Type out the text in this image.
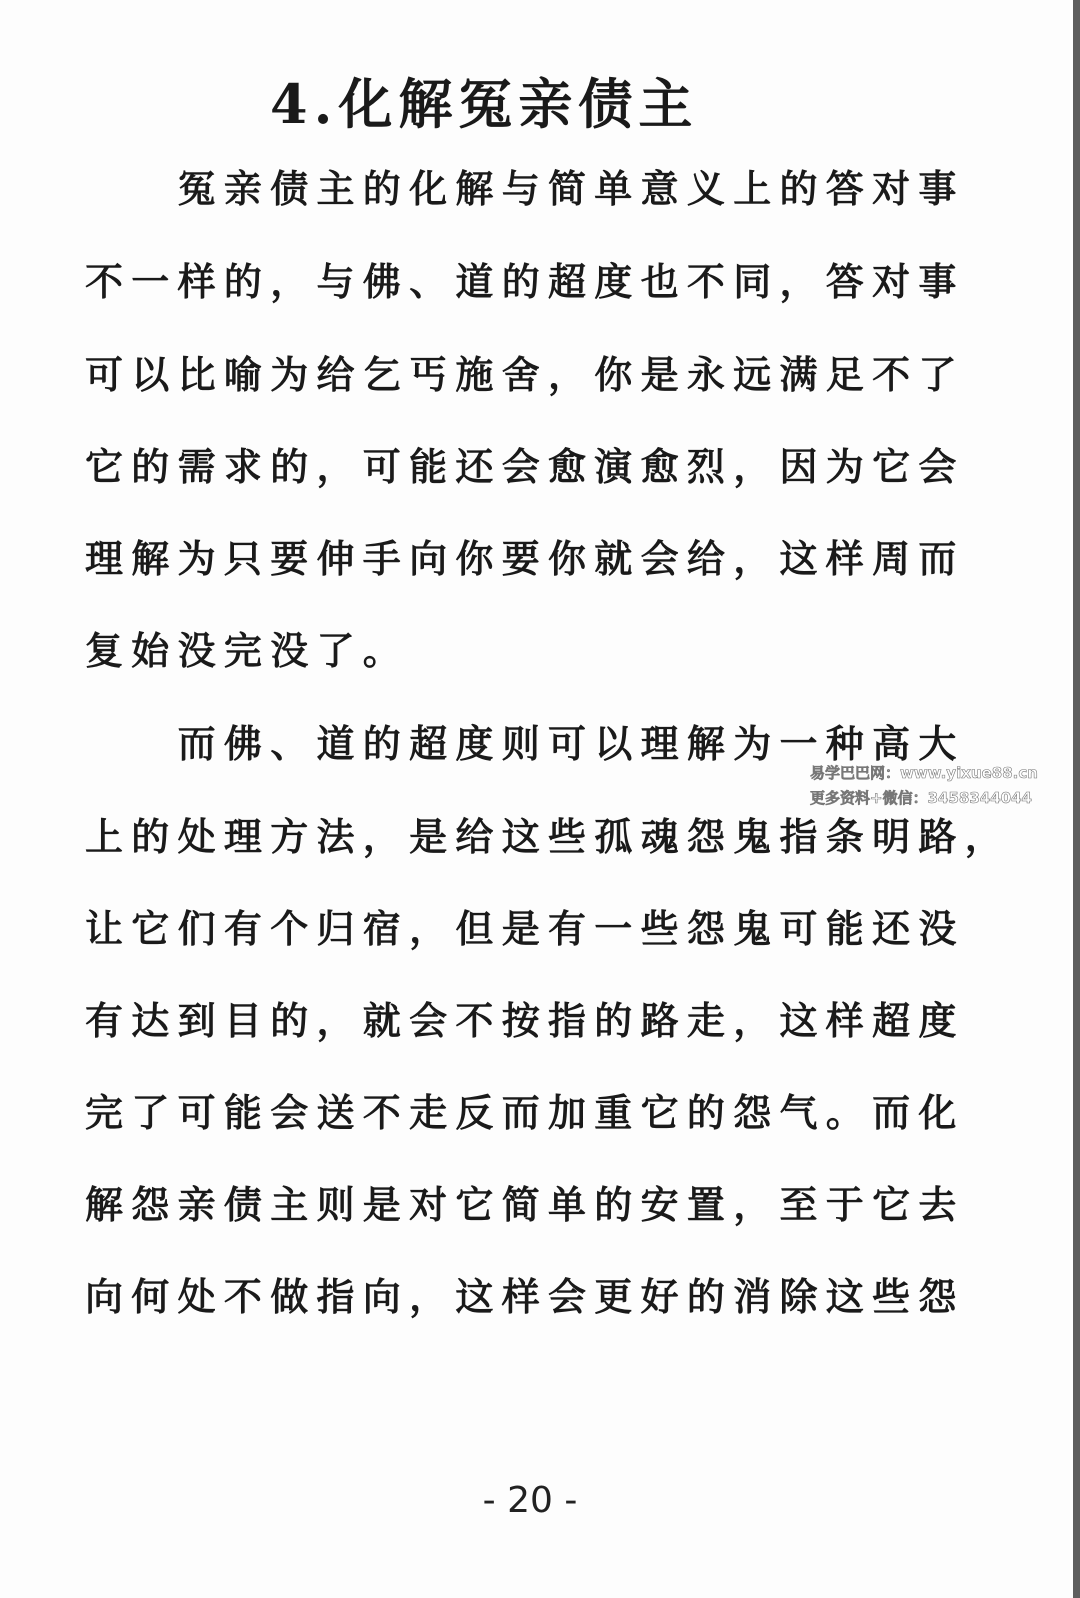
4.化解冤亲债主
　　冤亲债主的化解与简单意义上的答对事
不一样的，与佛、道的超度也不同，答对事
可以比喻为给乞丐施舍，你是永远满足不了
它的需求的，可能还会愈演愈烈，因为它会
理解为只要伸手向你要你就会给，这样周而
复始没完没了。
　　而佛、道的超度则可以理解为一种高大
上的处理方法，是给这些孤魂怨鬼指条明路，
让它们有个归宿，但是有一些怨鬼可能还没
有达到目的，就会不按指的路走，这样超度
完了可能会送不走反而加重它的怨气。而化
解怨亲债主则是对它简单的安置，至于它去
向何处不做指向，这样会更好的消除这些怨
易学巴巴网：www.yixue88.cn
更多资料+微信：3458344044
- 20 -
